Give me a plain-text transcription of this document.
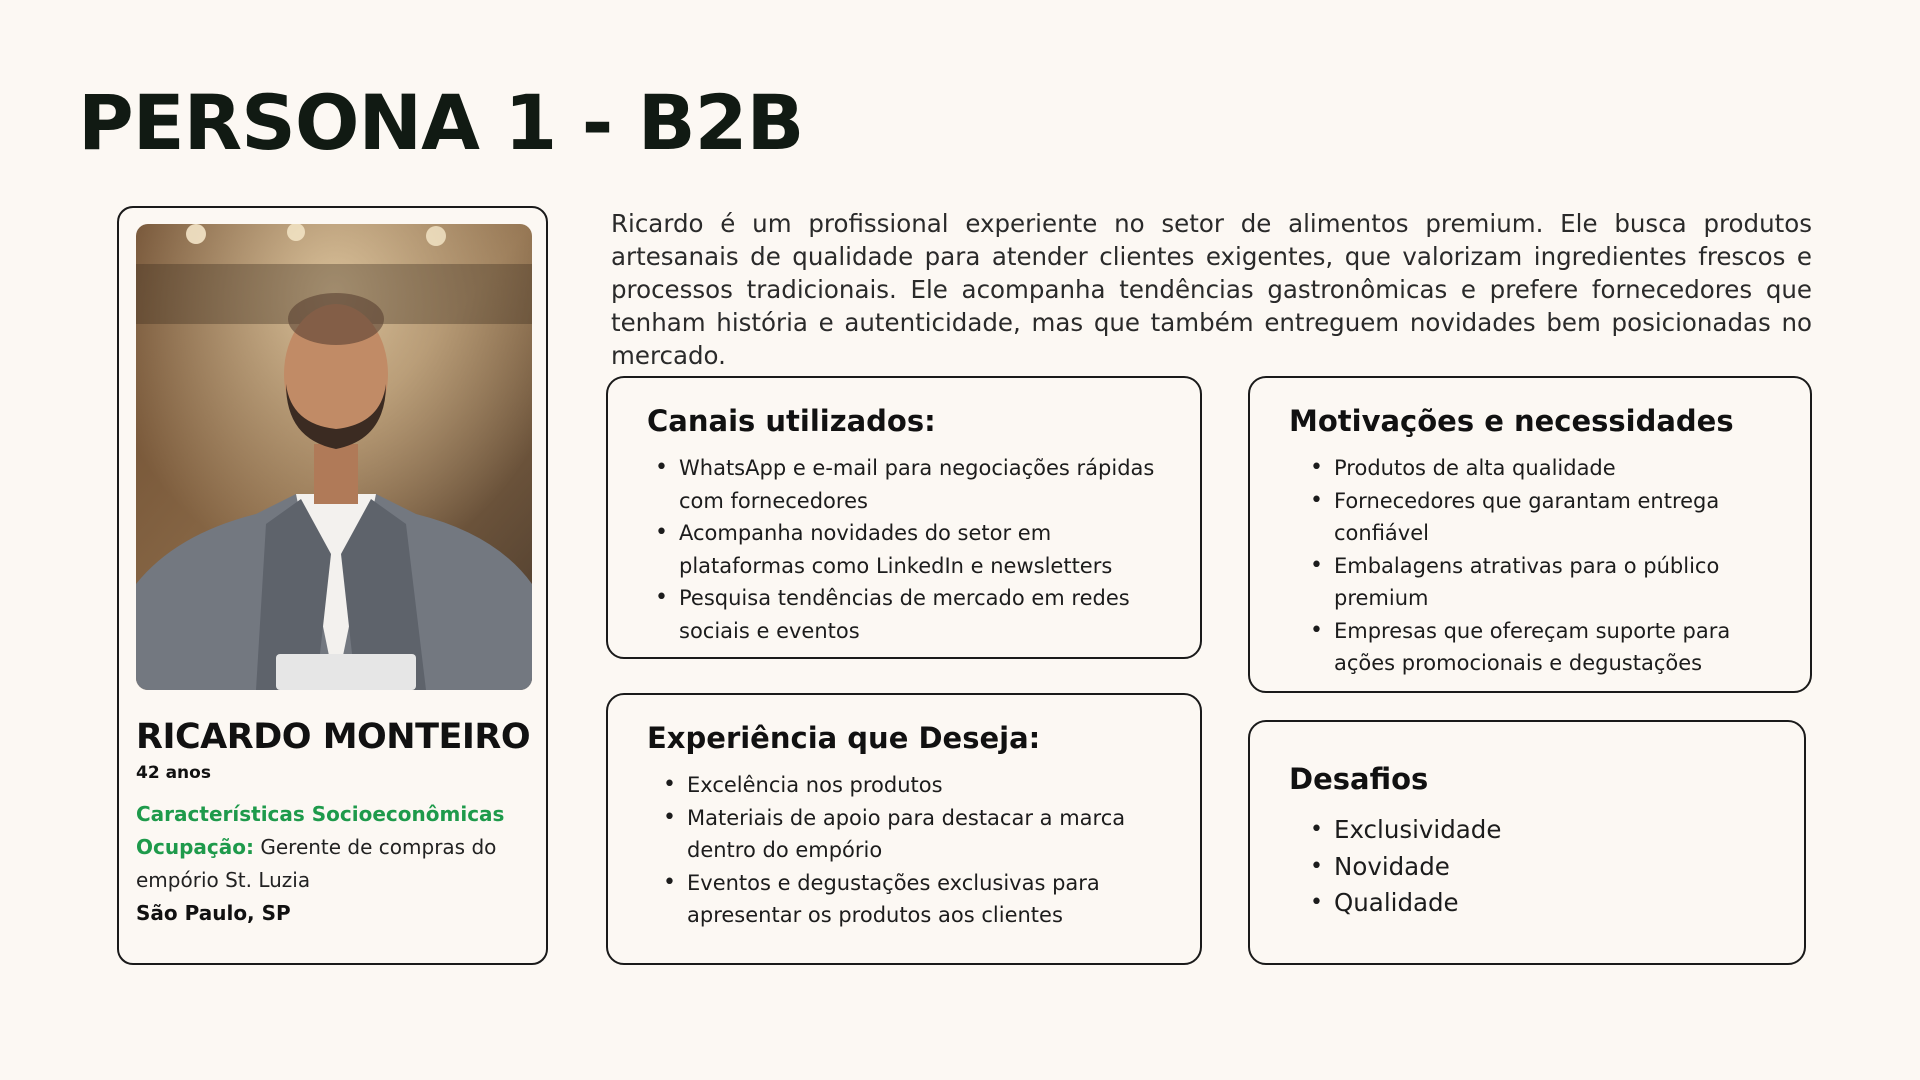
PERSONA 1 - B2B
RICARDO MONTEIRO
42 anos
Características Socioeconômicas
Ocupação: Gerente de compras do empório St. Luzia
São Paulo, SP

Ricardo é um profissional experiente no setor de alimentos premium. Ele busca produtos artesanais de qualidade para atender clientes exigentes, que valorizam ingredientes frescos e processos tradicionais. Ele acompanha tendências gastronômicas e prefere fornecedores que tenham história e autenticidade, mas que também entreguem novidades bem posicionadas no mercado.

Canais utilizados:
• WhatsApp e e-mail para negociações rápidas com fornecedores
• Acompanha novidades do setor em plataformas como LinkedIn e newsletters
• Pesquisa tendências de mercado em redes sociais e eventos
Experiência que Deseja:
• Excelência nos produtos
• Materiais de apoio para destacar a marca dentro do empório
• Eventos e degustações exclusivas para apresentar os produtos aos clientes
Motivações e necessidades
• Produtos de alta qualidade
• Fornecedores que garantam entrega confiável
• Embalagens atrativas para o público premium
• Empresas que ofereçam suporte para ações promocionais e degustações
Desafios
• Exclusividade
• Novidade
• Qualidade
